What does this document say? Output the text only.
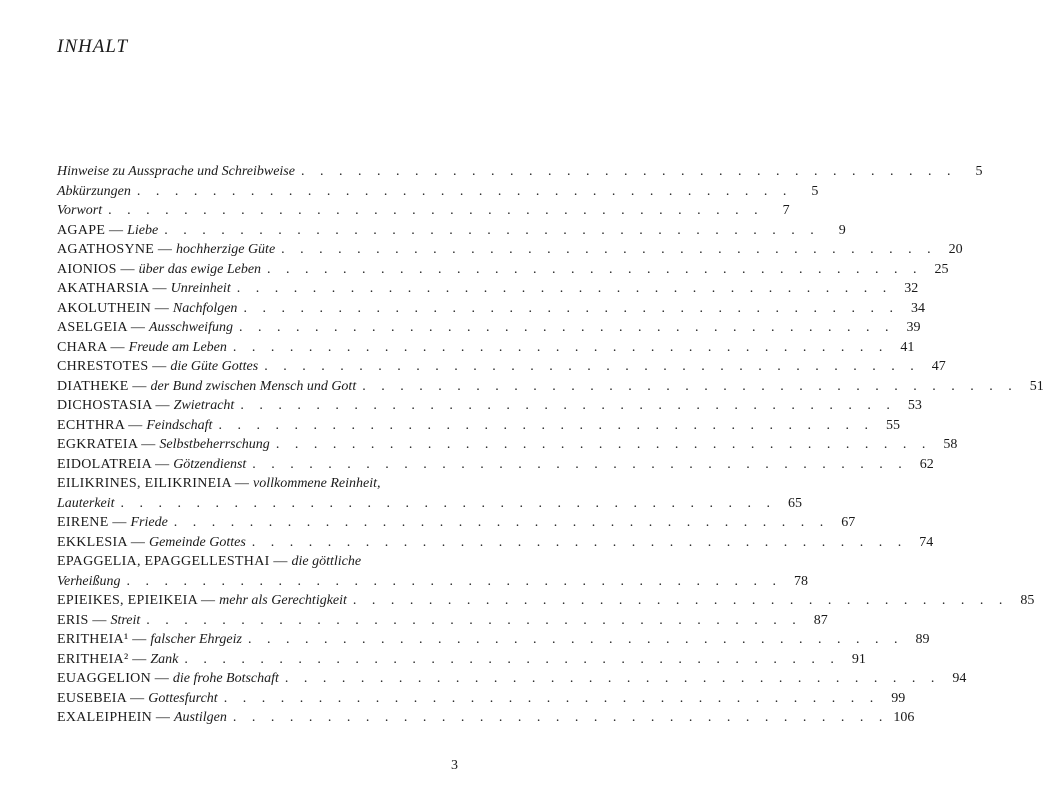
INHALT
Hinweise zu Aussprache und Schreibweise . . . . . . . . . . . . . . . . . . . . . . . . . . . . . . . . . . .	5
Abkürzungen . . . . . . . . . . . . . . . . . . . . . . . . . . . . . . . . . . .	5
Vorwort . . . . . . . . . . . . . . . . . . . . . . . . . . . . . . . . . . .	7
AGAPE — Liebe . . . . . . . . . . . . . . . . . . . . . . . . . . . . . . . . . . .	9
AGATHOSYNE — hochherzige Güte . . . . . . . . . . . . . . . . . . . . . . . . . . . . . . . . . . . 20
AIONIOS — über das ewige Leben . . . . . . . . . . . . . . . . . . . . . . . . . . . . . . . . . . . 25
AKATHARSIA — Unreinheit . . . . . . . . . . . . . . . . . . . . . . . . . . . . . . . . . . . 32
AKOLUTHEIN — Nachfolgen . . . . . . . . . . . . . . . . . . . . . . . . . . . . . . . . . . . 34
ASELGEIA — Ausschweifung . . . . . . . . . . . . . . . . . . . . . . . . . . . . . . . . . . . 39
CHARA — Freude am Leben . . . . . . . . . . . . . . . . . . . . . . . . . . . . . . . . . . . 41
CHRESTOTES — die Güte Gottes . . . . . . . . . . . . . . . . . . . . . . . . . . . . . . . . . . . 47
DIATHEKE — der Bund zwischen Mensch und Gott . . . . . . . . . . . . . . . . . . . . . . . . . . . . . . . . . . . 51
DICHOSTASIA — Zwietracht . . . . . . . . . . . . . . . . . . . . . . . . . . . . . . . . . . . 53
ECHTHRA — Feindschaft . . . . . . . . . . . . . . . . . . . . . . . . . . . . . . . . . . . 55
EGKRATEIA — Selbstbeherrschung . . . . . . . . . . . . . . . . . . . . . . . . . . . . . . . . . . . 58
EIDOLATREIA — Götzendienst . . . . . . . . . . . . . . . . . . . . . . . . . . . . . . . . . . . 62
EILIKRINES, EILIKRINEIA — vollkommene Reinheit,
Lauterkeit . . . . . . . . . . . . . . . . . . . . . . . . . . . . . . . . . . . 65
EIRENE — Friede . . . . . . . . . . . . . . . . . . . . . . . . . . . . . . . . . . . 67
EKKLESIA — Gemeinde Gottes . . . . . . . . . . . . . . . . . . . . . . . . . . . . . . . . . . . 74
EPAGGELIA, EPAGGELLESTHAI — die göttliche
Verheißung . . . . . . . . . . . . . . . . . . . . . . . . . . . . . . . . . . . 78
EPIEIKES, EPIEIKEIA — mehr als Gerechtigkeit . . . . . . . . . . . . . . . . . . . . . . . . . . . . . . . . . . . 85
ERIS — Streit . . . . . . . . . . . . . . . . . . . . . . . . . . . . . . . . . . . 87
ERITHEIA¹ — falscher Ehrgeiz . . . . . . . . . . . . . . . . . . . . . . . . . . . . . . . . . . . 89
ERITHEIA² — Zank . . . . . . . . . . . . . . . . . . . . . . . . . . . . . . . . . . . 91
EUAGGELION — die frohe Botschaft . . . . . . . . . . . . . . . . . . . . . . . . . . . . . . . . . . . 94
EUSEBEIA — Gottesfurcht . . . . . . . . . . . . . . . . . . . . . . . . . . . . . . . . . . . 99
EXALEIPHEIN — Austilgen . . . . . . . . . . . . . . . . . . . . . . . . . . . . . . . . . . . 106
3
